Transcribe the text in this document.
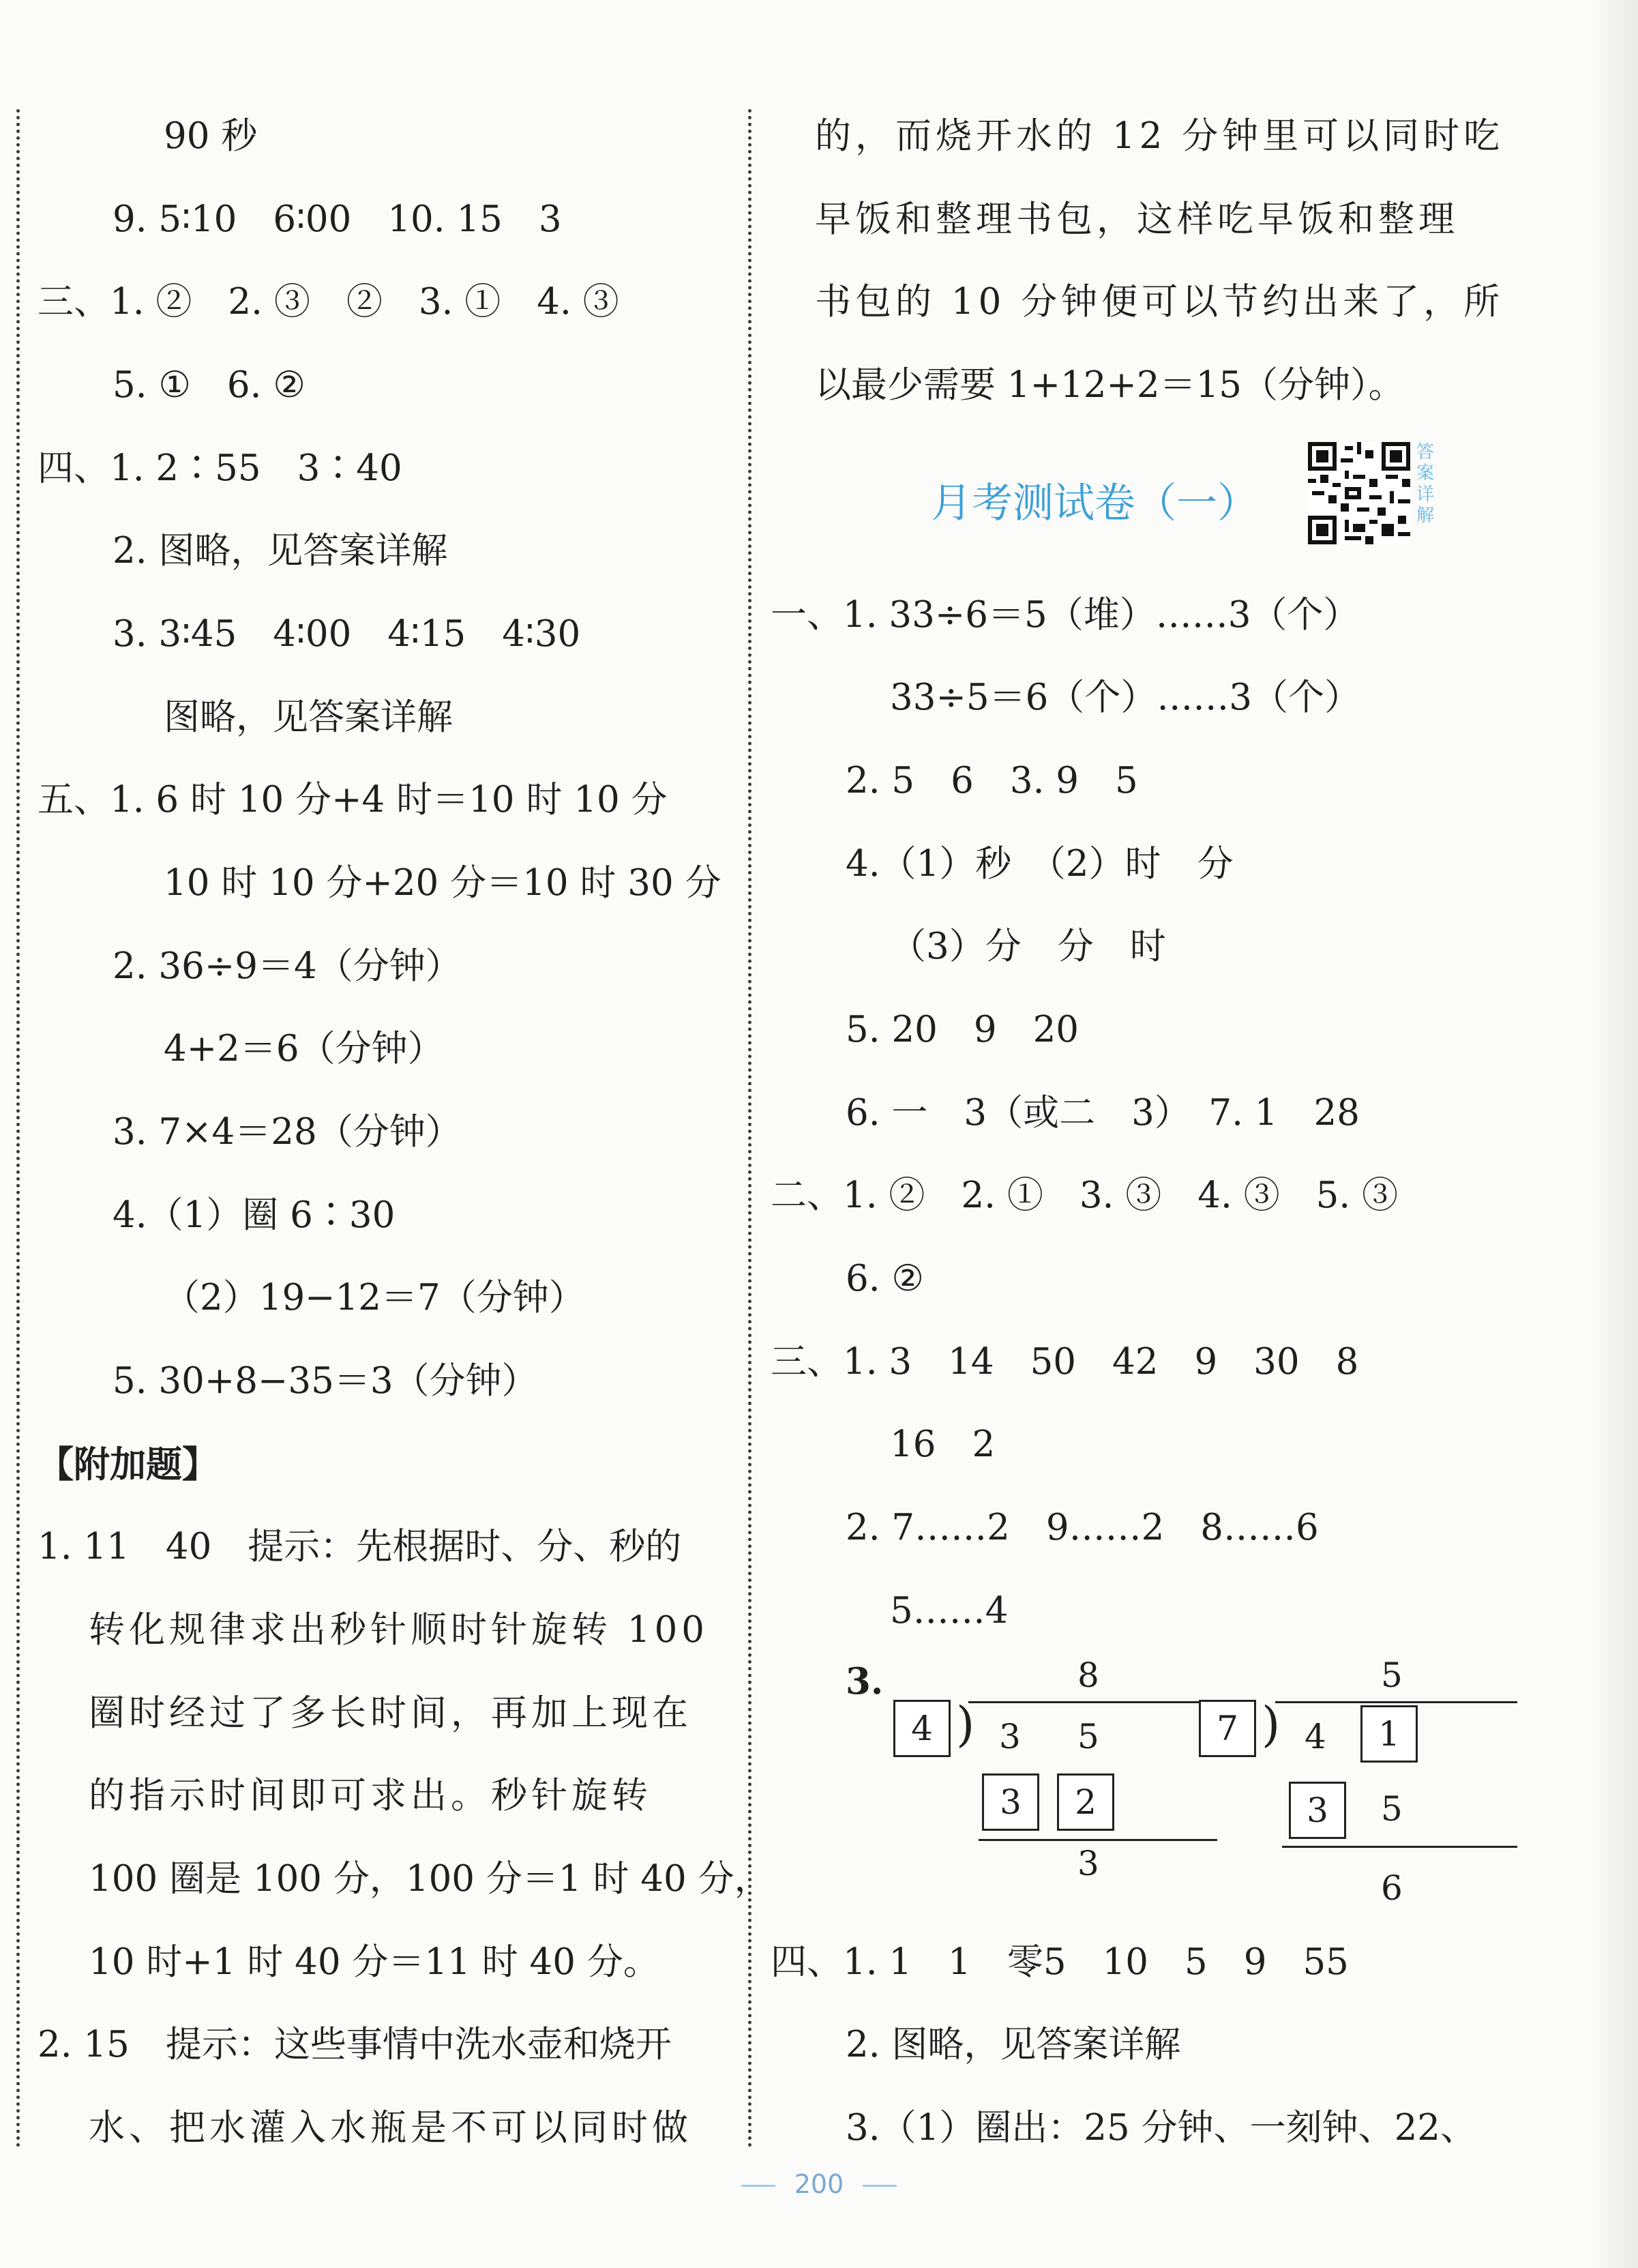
90 秒
9. 5∶10　6∶00　10. 15　3
三、1. ②　2. ③　②　3. ①　4. ③
5. ①　6. ②
四、1. 2∶55　3∶40
2. 图略，见答案详解
3. 3∶45　4∶00　4∶15　4∶30
图略，见答案详解
五、1. 6 时 10 分+4 时＝10 时 10 分
10 时 10 分+20 分＝10 时 30 分
2. 36÷9＝4（分钟）
4+2＝6（分钟）
3. 7×4＝28（分钟）
4.（1）圈 6∶30
（2）19−12＝7（分钟）
5. 30+8−35＝3（分钟）
【附加题】
1. 11　40　提示：先根据时、分、秒的
转化规律求出秒针顺时针旋转 100
圈时经过了多长时间，再加上现在
的指示时间即可求出。秒针旋转
100 圈是 100 分，100 分＝1 时 40 分，
10 时+1 时 40 分＝11 时 40 分。
2. 15　提示：这些事情中洗水壶和烧开
水、把水灌入水瓶是不可以同时做
的，而烧开水的 12 分钟里可以同时吃
早饭和整理书包，这样吃早饭和整理
书包的 10 分钟便可以节约出来了，所
以最少需要 1+12+2＝15（分钟）。
月考测试卷（一）
答
案
详
解
一、1. 33÷6＝5（堆）……3（个）
33÷5＝6（个）……3（个）
2. 5　6　3. 9　5
4.（1）秒　（2）时　分
（3）分　分　时
5. 20　9　20
6. 一　3（或二　3）　7. 1　28
二、1. ②　2. ①　3. ③　4. ③　5. ③
6. ②
三、1. 3　14　50　42　9　30　8
16　2
2. 7……2　9……2　8……6
5……4
3.	8
4 ) 3 5
3	2
3
5
7 ) 4	1
3	5
6
四、1. 1　1　零5　10　5　9　55
2. 图略，见答案详解
3.（1）圈出：25 分钟、一刻钟、22、
200
